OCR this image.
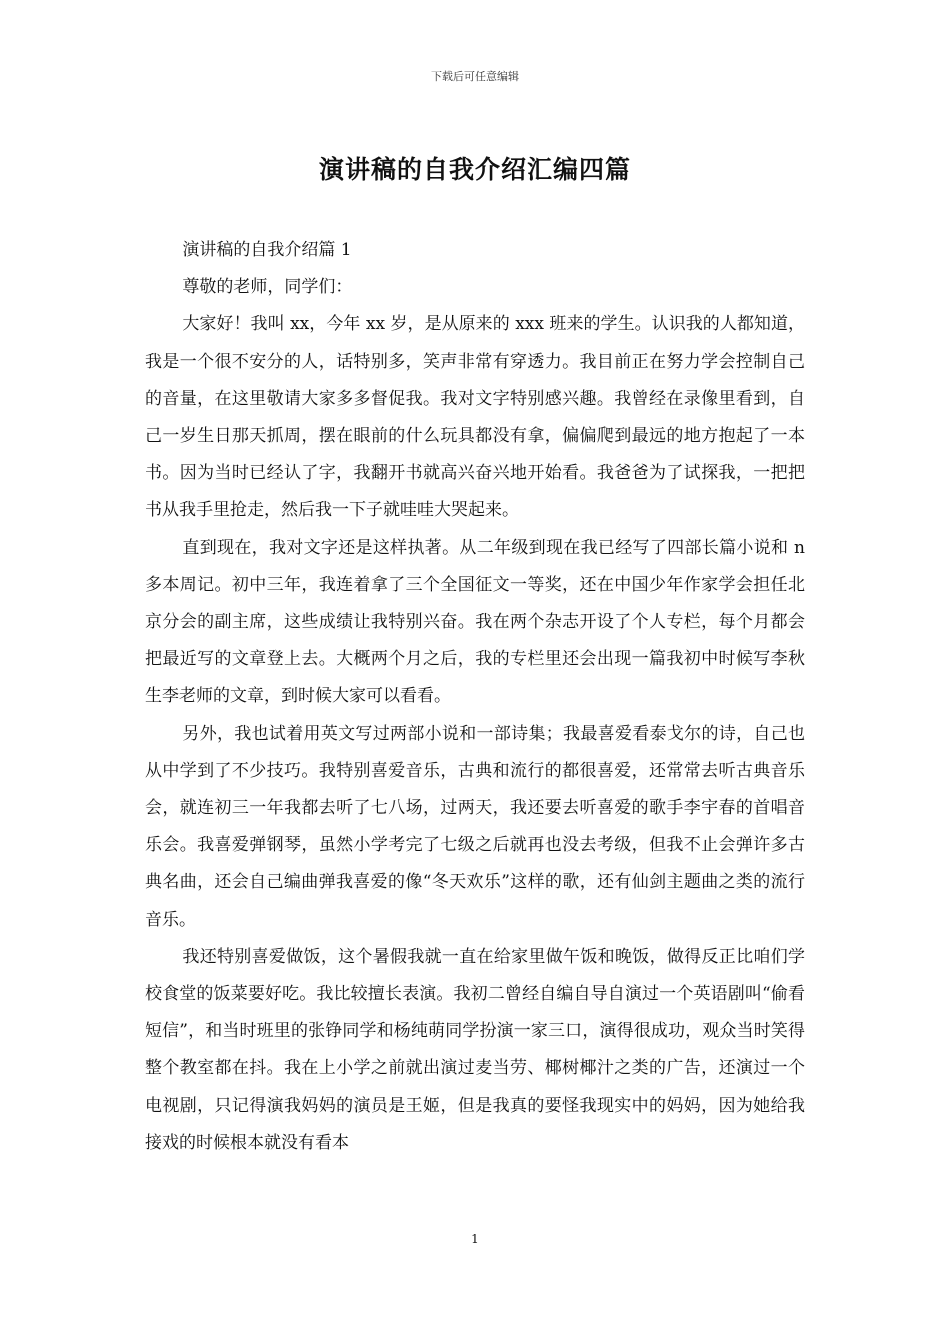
下载后可任意编辑
演讲稿的自我介绍汇编四篇

演讲稿的自我介绍篇 1

尊敬的老师，同学们：

大家好！我叫 xx，今年 xx 岁，是从原来的 xxx 班来的学生。认识我的人都知道，我是一个很不安分的人，话特别多，笑声非常有穿透力。我目前正在努力学会控制自己的音量，在这里敬请大家多多督促我。我对文字特别感兴趣。我曾经在录像里看到，自己一岁生日那天抓周，摆在眼前的什么玩具都没有拿，偏偏爬到最远的地方抱起了一本书。因为当时已经认了字，我翻开书就高兴奋兴地开始看。我爸爸为了试探我，一把把书从我手里抢走，然后我一下子就哇哇大哭起来。

直到现在，我对文字还是这样执著。从二年级到现在我已经写了四部长篇小说和 n 多本周记。初中三年，我连着拿了三个全国征文一等奖，还在中国少年作家学会担任北京分会的副主席，这些成绩让我特别兴奋。我在两个杂志开设了个人专栏，每个月都会把最近写的文章登上去。大概两个月之后，我的专栏里还会出现一篇我初中时候写李秋生李老师的文章，到时候大家可以看看。

另外，我也试着用英文写过两部小说和一部诗集；我最喜爱看泰戈尔的诗，自己也从中学到了不少技巧。我特别喜爱音乐，古典和流行的都很喜爱，还常常去听古典音乐会，就连初三一年我都去听了七八场，过两天，我还要去听喜爱的歌手李宇春的首唱音乐会。我喜爱弹钢琴，虽然小学考完了七级之后就再也没去考级，但我不止会弹许多古典名曲，还会自己编曲弹我喜爱的像“冬天欢乐”这样的歌，还有仙剑主题曲之类的流行音乐。

我还特别喜爱做饭，这个暑假我就一直在给家里做午饭和晚饭，做得反正比咱们学校食堂的饭菜要好吃。我比较擅长表演。我初二曾经自编自导自演过一个英语剧叫“偷看短信”，和当时班里的张铮同学和杨纯萌同学扮演一家三口，演得很成功，观众当时笑得整个教室都在抖。我在上小学之前就出演过麦当劳、椰树椰汁之类的广告，还演过一个电视剧，只记得演我妈妈的演员是王姬，但是我真的要怪我现实中的妈妈，因为她给我接戏的时候根本就没有看本

1
